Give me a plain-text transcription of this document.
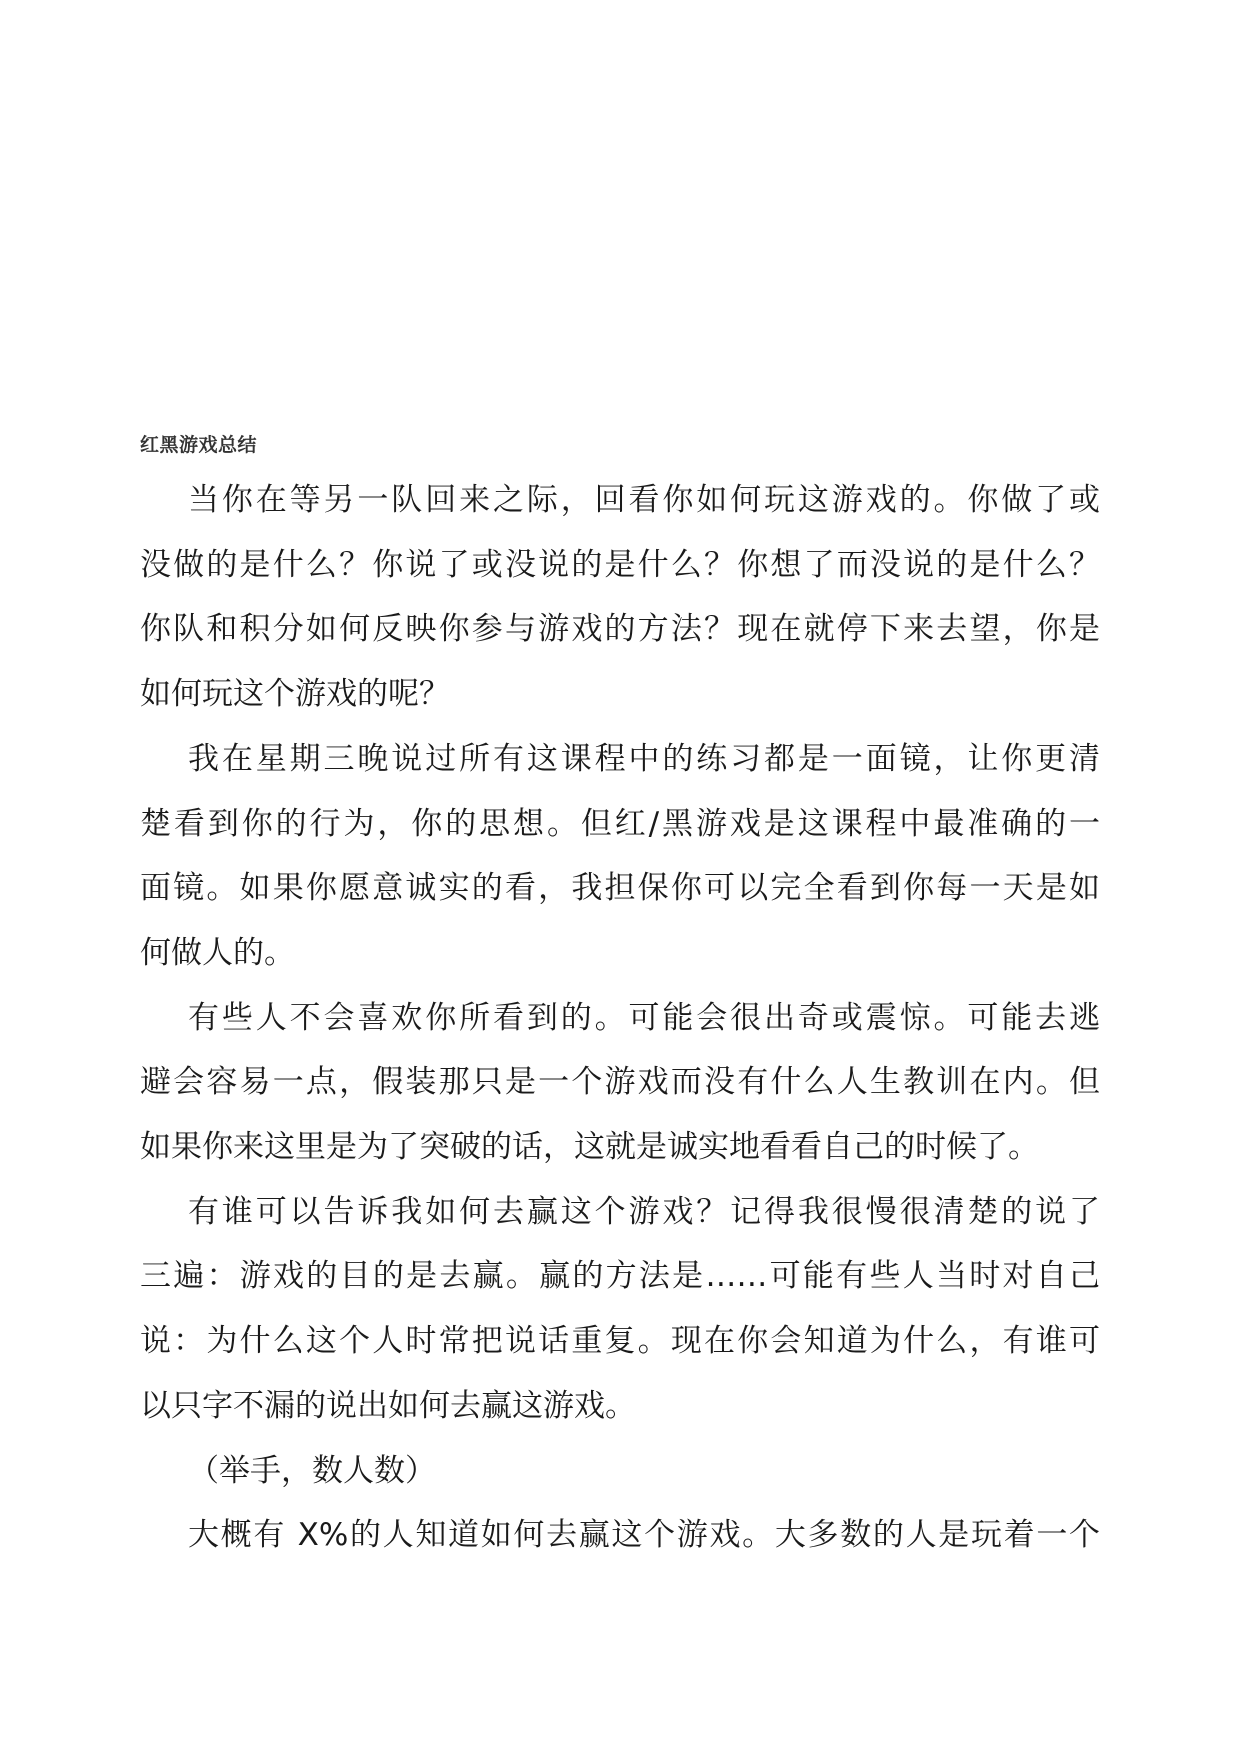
红黑游戏总结
当你在等另一队回来之际，回看你如何玩这游戏的。你做了或
没做的是什么？你说了或没说的是什么？你想了而没说的是什么？
你队和积分如何反映你参与游戏的方法？现在就停下来去望，你是
如何玩这个游戏的呢？
我在星期三晚说过所有这课程中的练习都是一面镜，让你更清
楚看到你的行为，你的思想。但红/黑游戏是这课程中最准确的一
面镜。如果你愿意诚实的看，我担保你可以完全看到你每一天是如
何做人的。
有些人不会喜欢你所看到的。可能会很出奇或震惊。可能去逃
避会容易一点，假装那只是一个游戏而没有什么人生教训在内。但
如果你来这里是为了突破的话，这就是诚实地看看自己的时候了。
有谁可以告诉我如何去赢这个游戏？记得我很慢很清楚的说了
三遍：游戏的目的是去赢。赢的方法是……可能有些人当时对自己
说：为什么这个人时常把说话重复。现在你会知道为什么，有谁可
以只字不漏的说出如何去赢这游戏。
（举手，数人数）
大概有 X%的人知道如何去赢这个游戏。大多数的人是玩着一个
